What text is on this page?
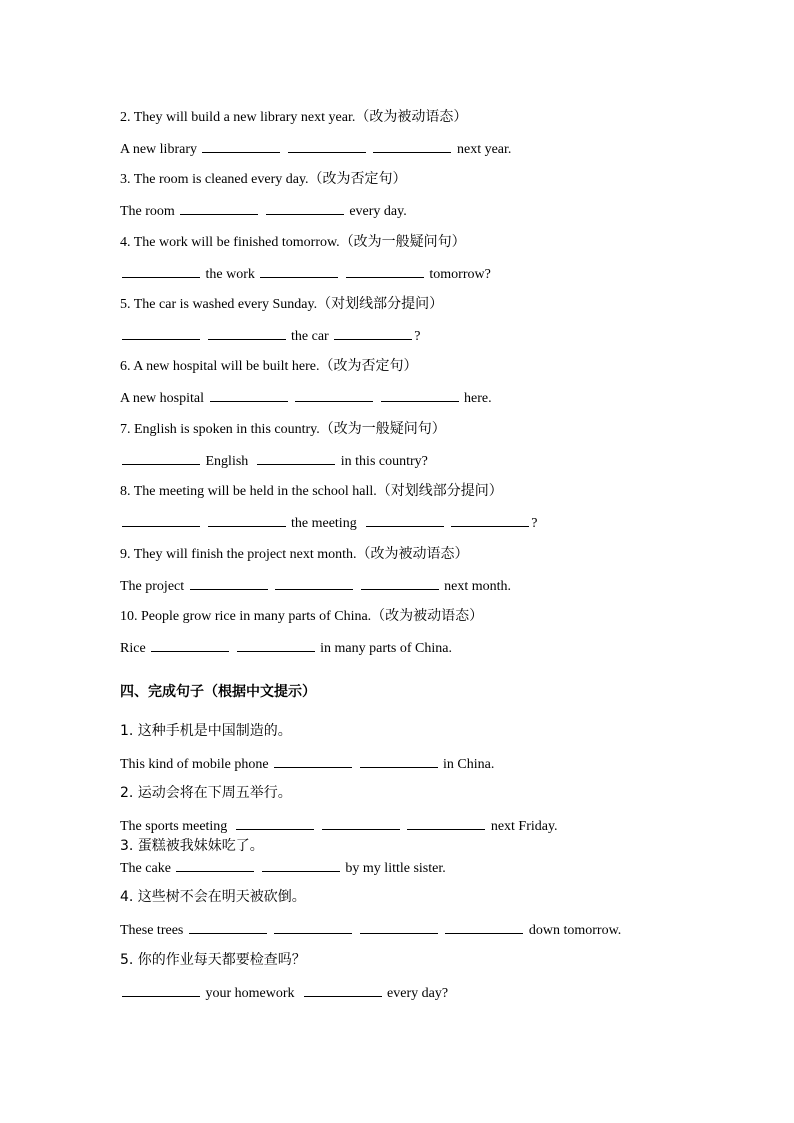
2. They will build a new library next year.（改为被动语态）
A new library	next year.
3. The room is cleaned every day.（改为否定句）
The room	every day.
4. The work will be finished tomorrow.（改为一般疑问句）
the work	tomorrow?
5. The car is washed every Sunday.（对划线部分提问）
the car	?
6. A new hospital will be built here.（改为否定句）
A new hospital	here.
7. English is spoken in this country.（改为一般疑问句）
English	in this country?
8. The meeting will be held in the school hall.（对划线部分提问）
the meeting	?
9. They will finish the project next month.（改为被动语态）
The project	next month.
10. People grow rice in many parts of China.（改为被动语态）
Rice	in many parts of China.
四、完成句子（根据中文提示）
1. 这种手机是中国制造的。
This kind of mobile phone	in China.
2. 运动会将在下周五举行。
The sports meeting	next Friday.
3. 蛋糕被我妹妹吃了。
The cake	by my little sister.
4. 这些树不会在明天被砍倒。
These trees	down tomorrow.
5. 你的作业每天都要检查吗？
your homework	every day?
